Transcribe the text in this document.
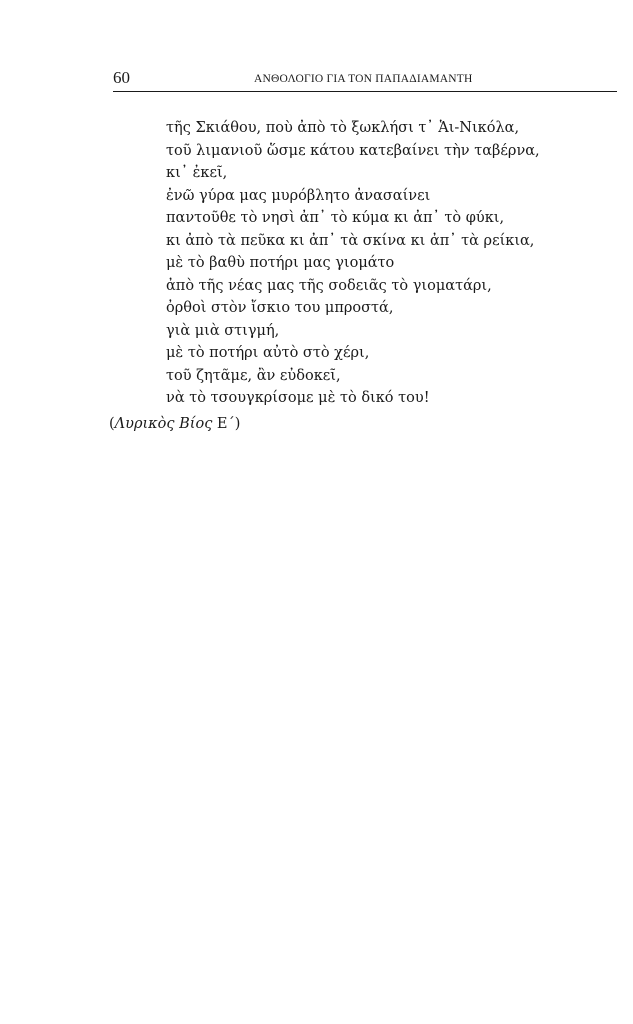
60	ΑΝΘΟΛΟΓΙΟ ΓΙΑ ΤΟΝ ΠΑΠΑΔΙΑΜΑΝΤΗ
τῆς Σκιάθου, ποὺ ἀπὸ τὸ ξωκλήσι τ᾽ Ἁι-Νικόλα,
τοῦ λιμανιοῦ ὥσμε κάτου κατεβαίνει τὴν ταβέρνα,
κι᾽ ἐκεῖ,
ἐνῶ γύρα μας μυρόβλητο ἀνασαίνει
παντοῦθε τὸ νησὶ ἀπ᾽ τὸ κύμα κι ἀπ᾽ τὸ φύκι,
κι ἀπὸ τὰ πεῦκα κι ἀπ᾽ τὰ σκίνα κι ἀπ᾽ τὰ ρείκια,
μὲ τὸ βαθὺ ποτήρι μας γιομάτο
ἀπὸ τῆς νέας μας τῆς σοδειᾶς τὸ γιοματάρι,
ὀρθοὶ στὸν ἴσκιο του μπροστά,
γιὰ μιὰ στιγμή,
μὲ τὸ ποτήρι αὐτὸ στὸ χέρι,
τοῦ ζητᾶμε, ἂν εὐδοκεῖ,
νὰ τὸ τσουγκρίσομε μὲ τὸ δικό του!

(Λυρικὸς Βίος Ε΄)
